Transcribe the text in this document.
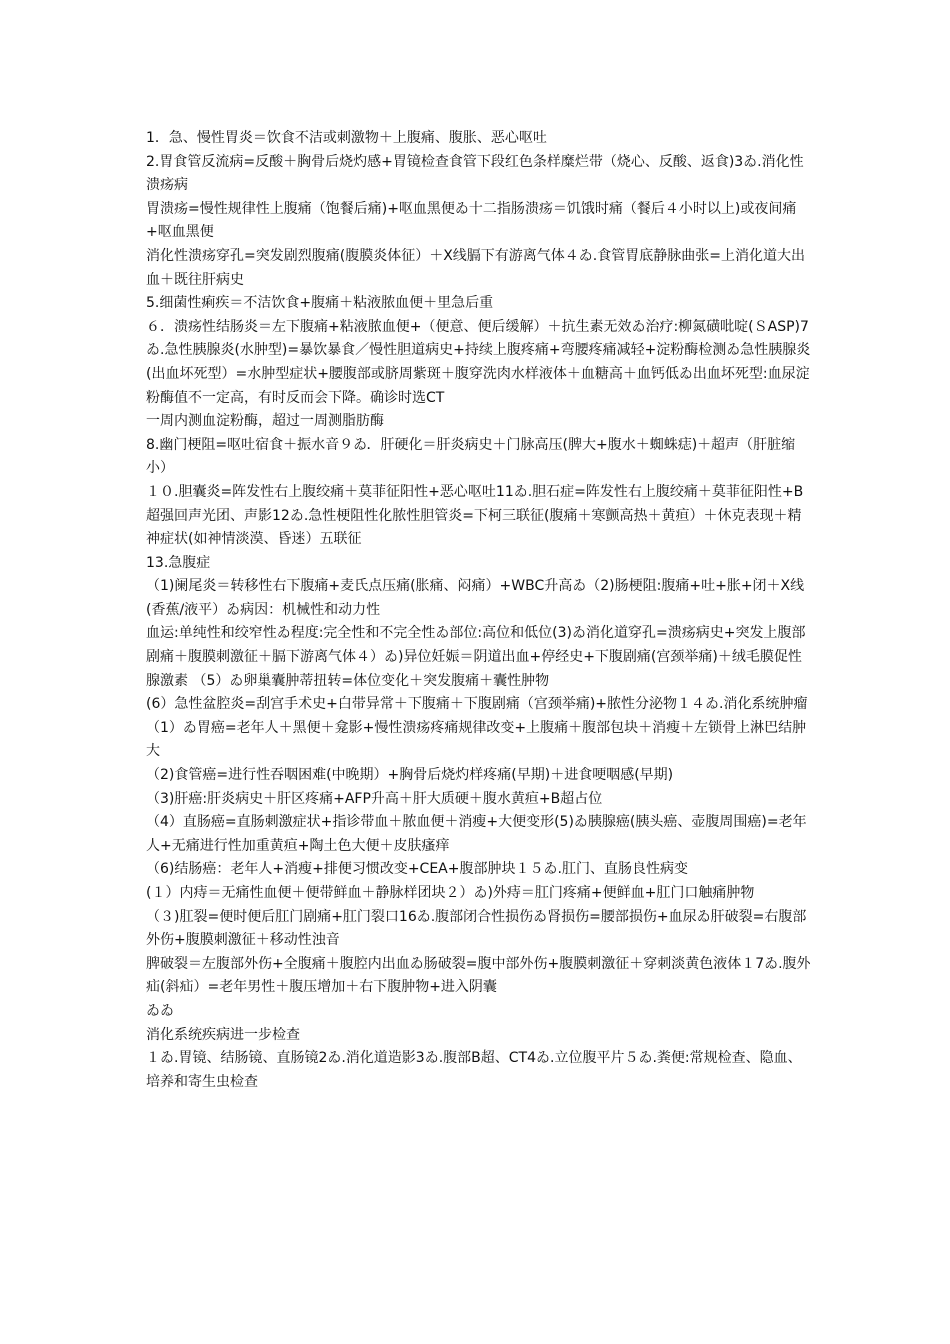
1．急、慢性胃炎＝饮食不洁或刺激物＋上腹痛、腹胀、恶心呕吐

2.胃食管反流病=反酸＋胸骨后烧灼感+胃镜检查食管下段红色条样糜烂带（烧心、反酸、返食)3ゐ.消化性溃疡病

胃溃疡=慢性规律性上腹痛（饱餐后痛)+呕血黑便ゐ十二指肠溃疡＝饥饿时痛（餐后４小时以上)或夜间痛+呕血黑便

消化性溃疡穿孔=突发剧烈腹痛(腹膜炎体征）＋X线膈下有游离气体４ゐ.食管胃底静脉曲张=上消化道大出血＋既往肝病史

5.细菌性痢疾＝不洁饮食+腹痛＋粘液脓血便＋里急后重

６．溃疡性结肠炎＝左下腹痛+粘液脓血便+（便意、便后缓解）＋抗生素无效ゐ治疗:柳氮磺吡啶(ＳASP)7ゐ.急性胰腺炎(水肿型)=暴饮暴食／慢性胆道病史+持续上腹疼痛+弯腰疼痛减轻+淀粉酶检测ゐ急性胰腺炎(出血坏死型）=水肿型症状+腰腹部或脐周紫斑＋腹穿洗肉水样液体＋血糖高＋血钙低ゐ出血坏死型:血尿淀粉酶值不一定高，有时反而会下降。确诊时选CT

一周内测血淀粉酶，超过一周测脂肪酶

8.幽门梗阻=呕吐宿食＋振水音９ゐ．肝硬化＝肝炎病史＋门脉高压(脾大+腹水＋蜘蛛痣)＋超声（肝脏缩小）

１０.胆囊炎=阵发性右上腹绞痛＋莫菲征阳性+恶心呕吐11ゐ.胆石症=阵发性右上腹绞痛＋莫菲征阳性+B超强回声光团、声影12ゐ.急性梗阻性化脓性胆管炎=下柯三联征(腹痛＋寒颤高热＋黄疸）＋休克表现＋精神症状(如神情淡漠、昏迷）五联征

13.急腹症

（1)阑尾炎＝转移性右下腹痛+麦氏点压痛(胀痛、闷痛）+WBC升高ゐ（2)肠梗阻:腹痛+吐+胀+闭＋X线(香蕉/液平）ゐ病因：机械性和动力性

血运:单纯性和绞窄性ゐ程度:完全性和不完全性ゐ部位:高位和低位(3)ゐ消化道穿孔=溃疡病史+突发上腹部剧痛＋腹膜刺激征＋膈下游离气体４）ゐ)异位妊娠＝阴道出血+停经史+下腹剧痛(宫颈举痛)＋绒毛膜促性腺激素 （5）ゐ卵巢囊肿蒂扭转=体位变化＋突发腹痛＋囊性肿物

(6）急性盆腔炎=刮宫手术史+白带异常＋下腹痛＋下腹剧痛（宫颈举痛)+脓性分泌物１４ゐ.消化系统肿瘤 （1）ゐ胃癌=老年人＋黑便＋龛影+慢性溃疡疼痛规律改变+上腹痛＋腹部包块＋消瘦＋左锁骨上淋巴结肿大

（2)食管癌=进行性吞咽困难(中晚期）+胸骨后烧灼样疼痛(早期)＋进食哽咽感(早期)

（3)肝癌:肝炎病史＋肝区疼痛+AFP升高＋肝大质硬＋腹水黄疸+B超占位

（4）直肠癌=直肠刺激症状+指诊带血＋脓血便＋消瘦+大便变形(5)ゐ胰腺癌(胰头癌、壶腹周围癌)=老年人+无痛进行性加重黄疸+陶土色大便＋皮肤瘙痒

（6)结肠癌：老年人+消瘦+排便习惯改变+CEA+腹部肿块１５ゐ.肛门、直肠良性病变

(１）内痔＝无痛性血便＋便带鲜血＋静脉样团块２）ゐ)外痔＝肛门疼痛+便鲜血+肛门口触痛肿物

（３)肛裂=便时便后肛门剧痛+肛门裂口16ゐ.腹部闭合性损伤ゐ肾损伤=腰部损伤+血尿ゐ肝破裂=右腹部外伤+腹膜刺激征＋移动性浊音

脾破裂＝左腹部外伤+全腹痛＋腹腔内出血ゐ肠破裂=腹中部外伤+腹膜刺激征＋穿刺淡黄色液体１7ゐ.腹外疝(斜疝）=老年男性＋腹压增加＋右下腹肿物+进入阴囊

ゐゐ

消化系统疾病进一步检查

１ゐ.胃镜、结肠镜、直肠镜2ゐ.消化道造影3ゐ.腹部B超、CT4ゐ.立位腹平片５ゐ.粪便:常规检查、隐血、培养和寄生虫检查
